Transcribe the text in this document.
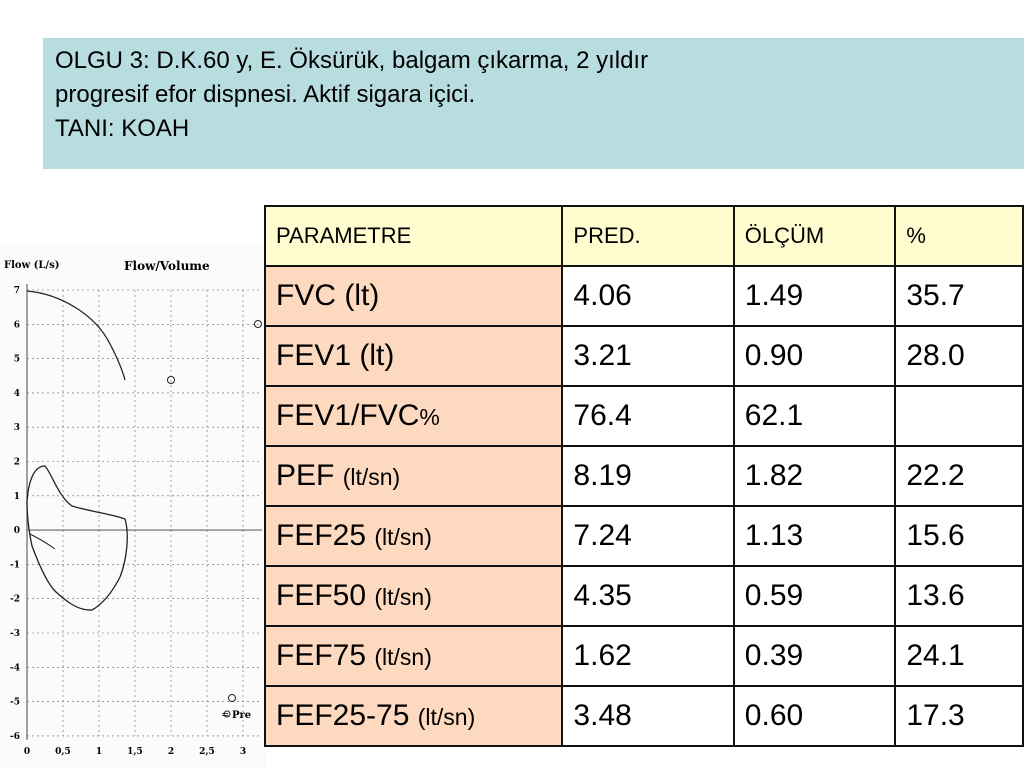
OLGU 3: D.K.60 y, E. Öksürük, balgam çıkarma, 2 yıldır
progresif efor dispnesi. Aktif sigara içici.
TANI: KOAH
Flow (L/s)	Flow/Volume
7
6
5
4
3
2
1
0
-1
-2
-3
-4
-5
-6
0	0,5	1	1,5	2	2,5	3
Pre
=
PARAMETRE	PRED.	ÖLÇÜM	%
FVC (lt)	4.06	1.49	35.7
FEV1 (lt)	3.21	0.90	28.0
FEV1/FVC%	76.4	62.1	
PEF (lt/sn)	8.19	1.82	22.2
FEF25 (lt/sn)	7.24	1.13	15.6
FEF50 (lt/sn)	4.35	0.59	13.6
FEF75 (lt/sn)	1.62	0.39	24.1
FEF25-75 (lt/sn)	3.48	0.60	17.3
